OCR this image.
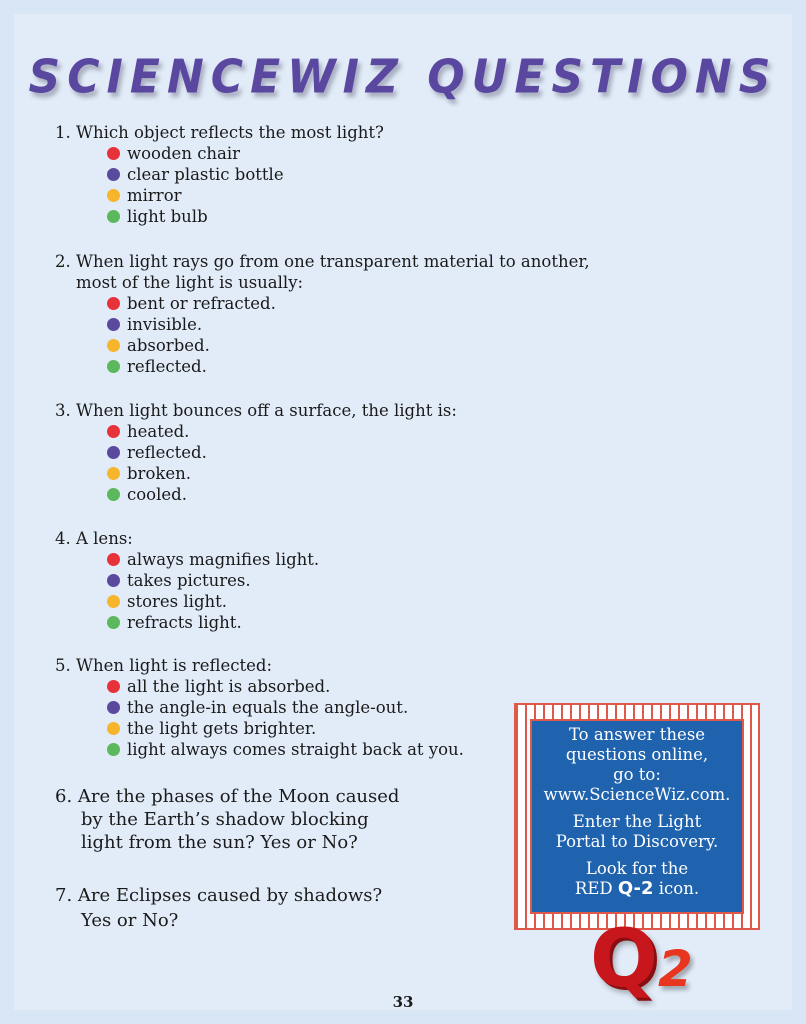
SCIENCEWIZ QUESTIONS
1. Which object reflects the most light?
wooden chair
clear plastic bottle
mirror
light bulb
2. When light rays go from one transparent material to another,
most of the light is usually:
bent or refracted.
invisible.
absorbed.
reflected.
3. When light bounces off a surface, the light is:
heated.
reflected.
broken.
cooled.
4. A lens:
always magnifies light.
takes pictures.
stores light.
refracts light.
5. When light is reflected:
all the light is absorbed.
the angle-in equals the angle-out.
the light gets brighter.
light always comes straight back at you.
6. Are the phases of the Moon caused
by the Earth’s shadow blocking
light from the sun? Yes or No?
7. Are Eclipses caused by shadows?
Yes or No?

To answer these
questions online,
go to:
www.ScienceWiz.com.

Enter the Light
Portal to Discovery.

Look for the
RED Q-2 icon.

Q2
33
